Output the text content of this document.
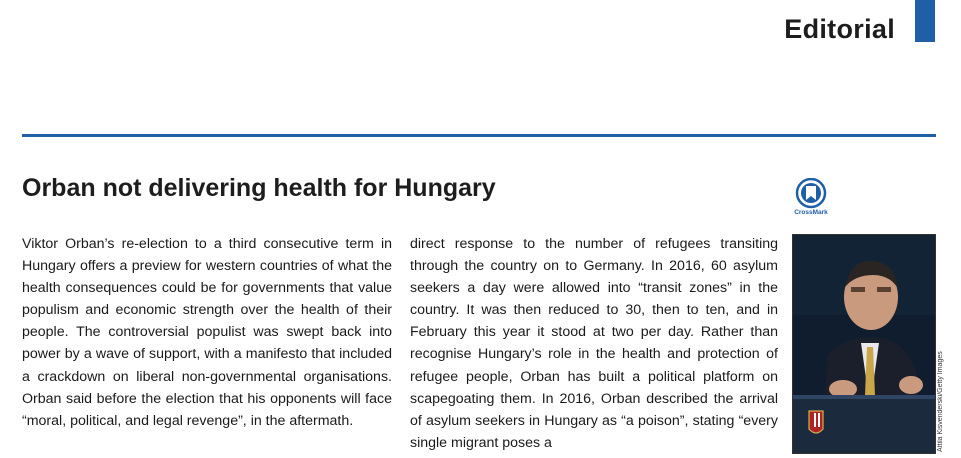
Editorial
Orban not delivering health for Hungary

Viktor Orban’s re-election to a third consecutive term in Hungary offers a preview for western countries of what the health consequences could be for governments that value populism and economic strength over the health of their people. The controversial populist was swept back into power by a wave of support, with a manifesto that included a crackdown on liberal non-governmental organisations. Orban said before the election that his opponents will face “moral, political, and legal revenge”, in the aftermath.

direct response to the number of refugees transiting through the country on to Germany. In 2016, 60 asylum seekers a day were allowed into “transit zones” in the country. It was then reduced to 30, then to ten, and in February this year it stood at two per day. Rather than recognise Hungary’s role in the health and protection of refugee people, Orban has built a political platform on scapegoating them. In 2016, Orban described the arrival of asylum seekers in Hungary as “a poison”, stating “every single migrant poses a

CrossMark
Attila Kisvenderski/Getty Images
